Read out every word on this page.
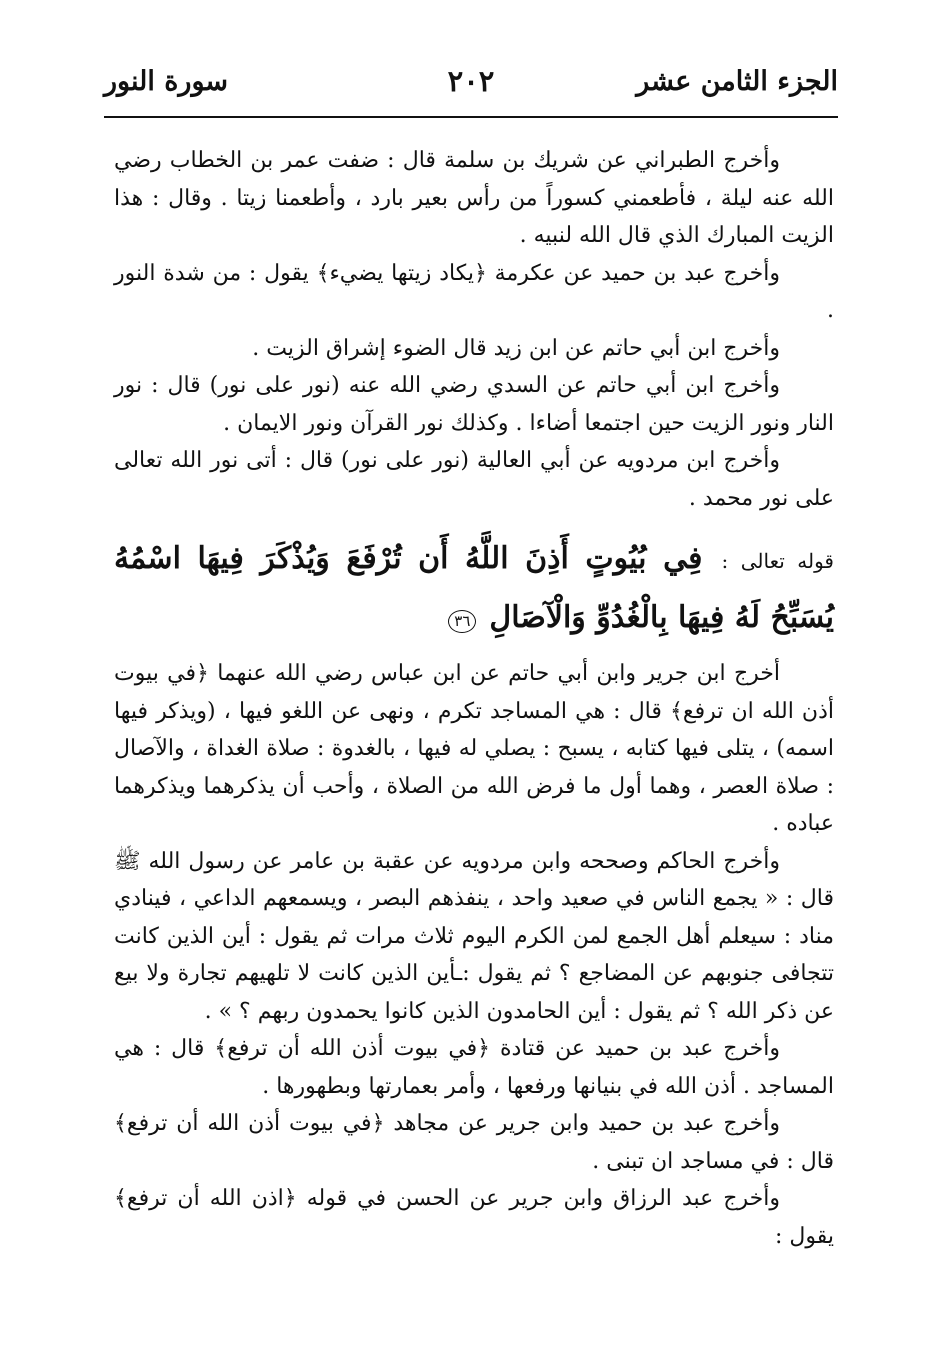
الجزء الثامن عشر
٢٠٢
سورة النور

وأخرج الطبراني عن شريك بن سلمة قال : ضفت عمر بن الخطاب رضي الله عنه ليلة ، فأطعمني كسوراً من رأس بعير بارد ، وأطعمنا زيتا . وقال : هذا الزيت المبارك الذي قال الله لنبيه .

وأخرج عبد بن حميد عن عكرمة ﴿يكاد زيتها يضيء﴾ يقول : من شدة النور .

وأخرج ابن أبي حاتم عن ابن زيد قال الضوء إشراق الزيت .

وأخرج ابن أبي حاتم عن السدي رضي الله عنه (نور على نور) قال : نور النار ونور الزيت حين اجتمعا أضاءا . وكذلك نور القرآن ونور الايمان .

وأخرج ابن مردويه عن أبي العالية (نور على نور) قال : أتى نور الله تعالى على نور محمد .

قوله تعالى : فِي بُيُوتٍ أَذِنَ اللَّهُ أَن تُرْفَعَ وَيُذْكَرَ فِيهَا اسْمُهُ يُسَبِّحُ لَهُ فِيهَا بِالْغُدُوِّ وَالْآصَالِ ٣٦

أخرج ابن جرير وابن أبي حاتم عن ابن عباس رضي الله عنهما ﴿في بيوت أذن الله ان ترفع﴾ قال : هي المساجد تكرم ، ونهى عن اللغو فيها ، (ويذكر فيها اسمه) ، يتلى فيها كتابه ، يسبح : يصلي له فيها ، بالغدوة : صلاة الغداة ، والآصال : صلاة العصر ، وهما أول ما فرض الله من الصلاة ، وأحب أن يذكرهما ويذكرهما عباده .

وأخرج الحاكم وصححه وابن مردويه عن عقبة بن عامر عن رسول الله ﷺ قال : « يجمع الناس في صعيد واحد ، ينفذهم البصر ، ويسمعهم الداعي ، فينادي مناد : سيعلم أهل الجمع لمن الكرم اليوم ثلاث مرات ثم يقول : أين الذين كانت تتجافى جنوبهم عن المضاجع ؟ ثم يقول :ـأين الذين كانت لا تلهيهم تجارة ولا بيع عن ذكر الله ؟ ثم يقول : أين الحامدون الذين كانوا يحمدون ربهم ؟ » .

وأخرج عبد بن حميد عن قتادة ﴿في بيوت أذن الله أن ترفع﴾ قال : هي المساجد . أذن الله في بنيانها ورفعها ، وأمر بعمارتها وبطهورها .

وأخرج عبد بن حميد وابن جرير عن مجاهد ﴿في بيوت أذن الله أن ترفع﴾ قال : في مساجد ان تبنى .

وأخرج عبد الرزاق وابن جرير عن الحسن في قوله ﴿اذن الله أن ترفع﴾ يقول :
